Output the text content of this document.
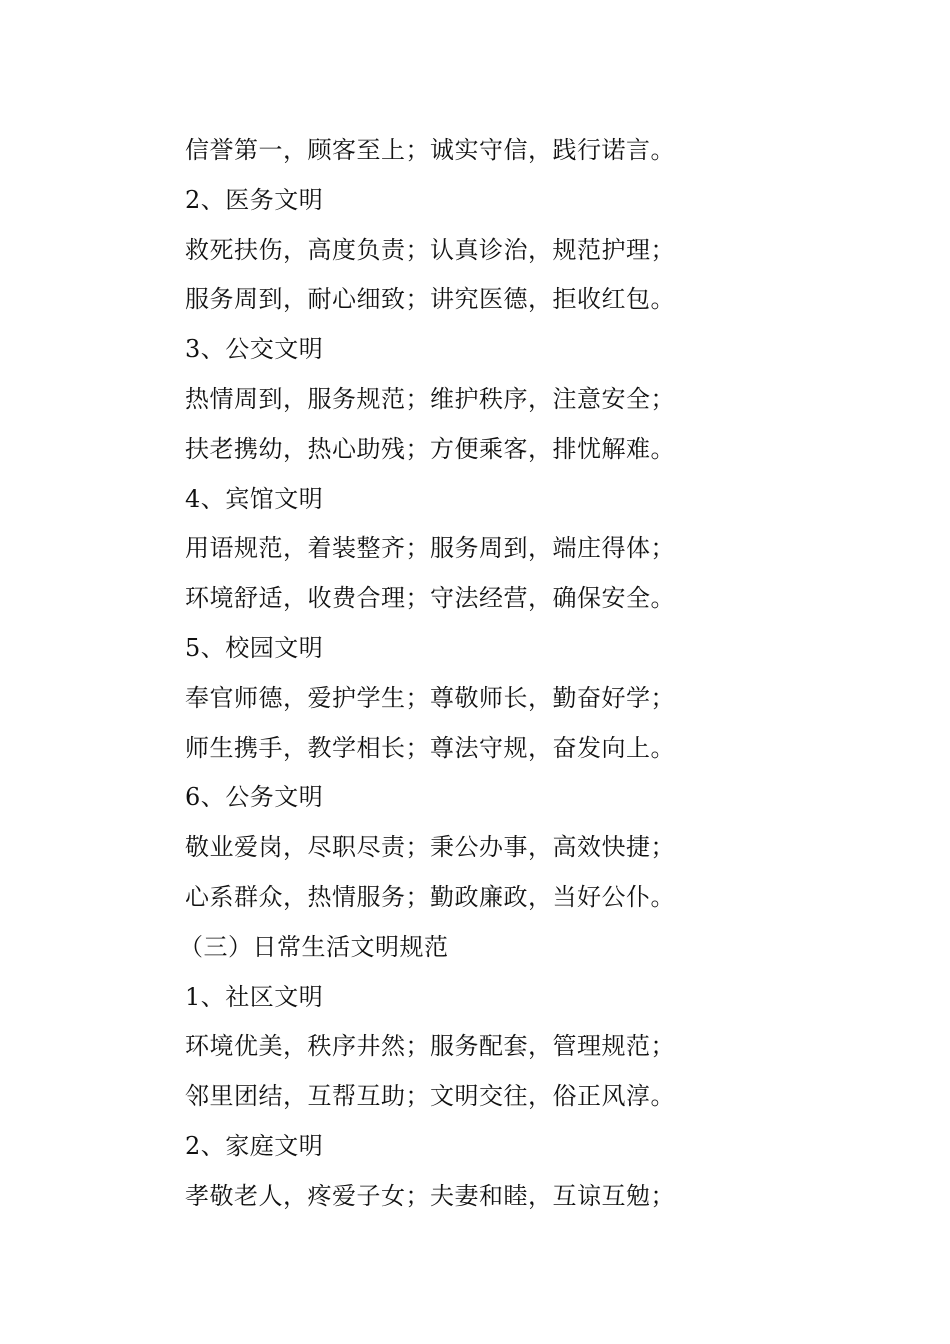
信誉第一，顾客至上；诚实守信，践行诺言。
2、医务文明
救死扶伤，高度负责；认真诊治，规范护理；
服务周到，耐心细致；讲究医德，拒收红包。
3、公交文明
热情周到，服务规范；维护秩序，注意安全；
扶老携幼，热心助残；方便乘客，排忧解难。
4、宾馆文明
用语规范，着装整齐；服务周到，端庄得体；
环境舒适，收费合理；守法经营，确保安全。
5、校园文明
奉官师德，爱护学生；尊敬师长，勤奋好学；
师生携手，教学相长；尊法守规，奋发向上。
6、公务文明
敬业爱岗，尽职尽责；秉公办事，高效快捷；
心系群众，热情服务；勤政廉政，当好公仆。
（三）日常生活文明规范
1、社区文明
环境优美，秩序井然；服务配套，管理规范；
邻里团结，互帮互助；文明交往，俗正风淳。
2、家庭文明
孝敬老人，疼爱子女；夫妻和睦，互谅互勉；
